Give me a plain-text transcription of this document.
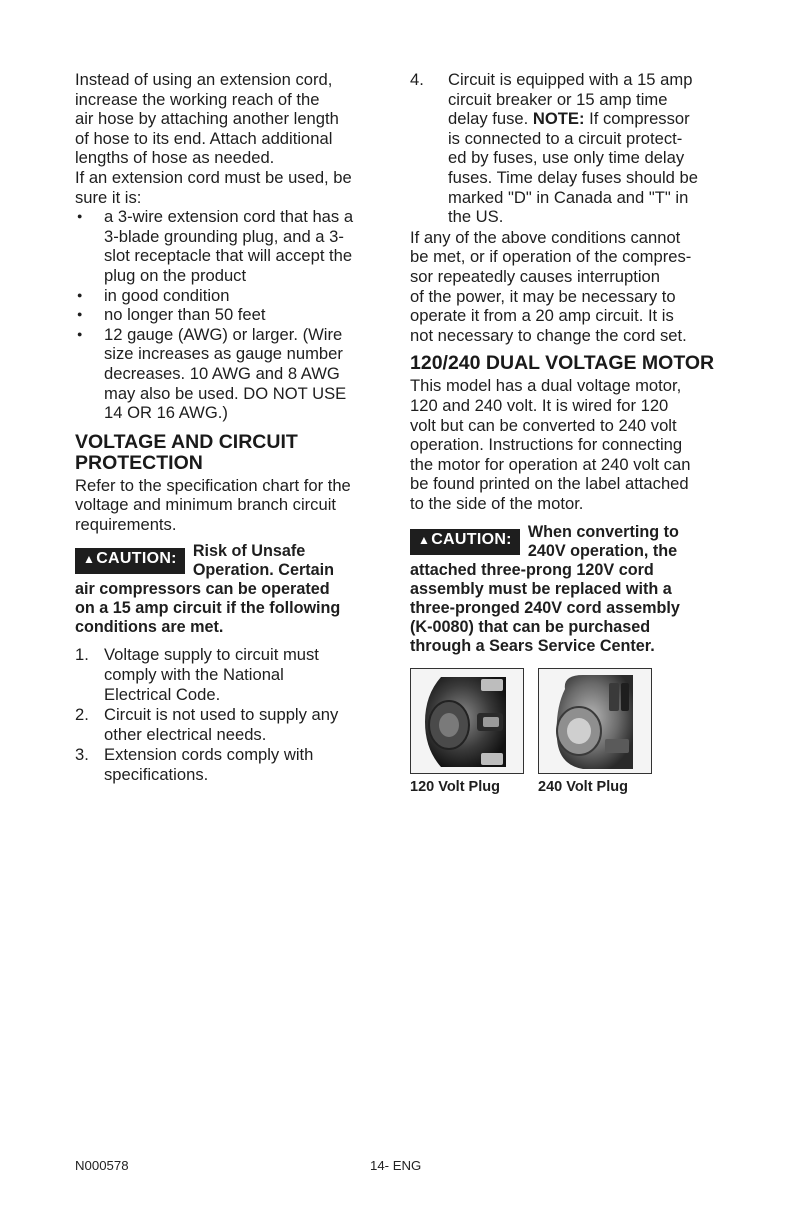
Instead of using an extension cord,

increase the working reach of the

air hose by attaching another length

of hose to its end. Attach additional

lengths of hose as needed.

If an extension cord must be used, be

sure it is:

● a 3-wire extension cord that has a
3-blade grounding plug, and a 3-
slot receptacle that will accept the
plug on the product
● in good condition
● no longer than 50 feet
● 12 gauge (AWG) or larger. (Wire
size increases as gauge number
decreases. 10 AWG and 8 AWG
may also be used. DO NOT USE
14 OR 16 AWG.)
VOLTAGE AND CIRCUIT
PROTECTION

Refer to the specification chart for the

voltage and minimum branch circuit

requirements.

▲CAUTION: Risk of Unsafe
Operation. Certain
air compressors can be operated
on a 15 amp circuit if the following
conditions are met.
1. Voltage supply to circuit must
comply with the National
Electrical Code.
2. Circuit is not used to supply any
other electrical needs.
3. Extension cords comply with
specifications.
4. Circuit is equipped with a 15 amp
circuit breaker or 15 amp time
delay fuse. NOTE: If compressor
is connected to a circuit protect-
ed by fuses, use only time delay
fuses. Time delay fuses should be
marked "D" in Canada and "T" in
the US.

If any of the above conditions cannot

be met, or if operation of the compres-

sor repeatedly causes interruption

of the power, it may be necessary to

operate it from a 20 amp circuit. It is

not necessary to change the cord set.

120/240 DUAL VOLTAGE MOTOR

This model has a dual voltage motor,

120 and 240 volt. It is wired for 120

volt but can be converted to 240 volt

operation. Instructions for connecting

the motor for operation at 240 volt can

be found printed on the label attached

to the side of the motor.

▲CAUTION: When converting to
240V operation, the
attached three-prong 120V cord
assembly must be replaced with a
three-pronged 240V cord assembly
(K-0080) that can be purchased
through a Sears Service Center.
120 Volt Plug	240 Volt Plug
N000578	14- ENG
